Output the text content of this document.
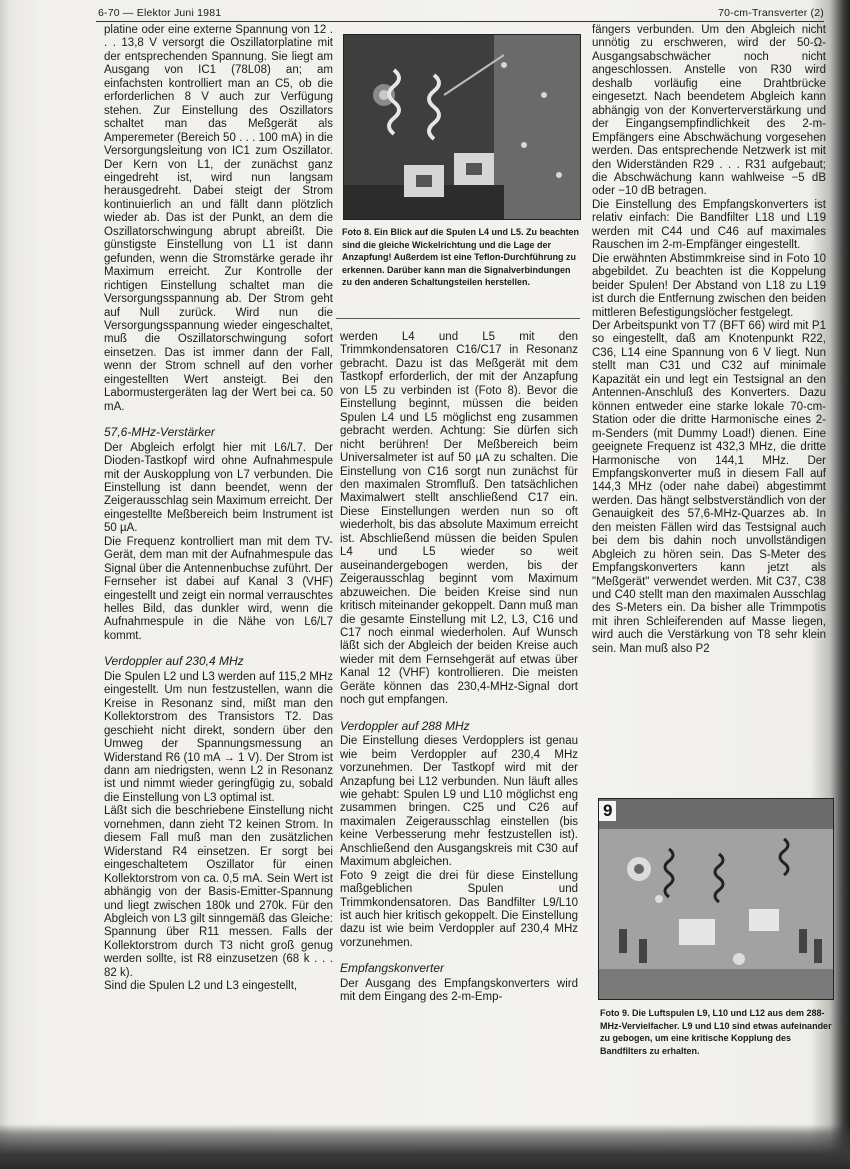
6-70 — Elektor Juni 1981	70-cm-Transverter (2)

platine oder eine externe Spannung von 12 . . . 13,8 V versorgt die Oszillatorplatine mit der entsprechenden Spannung. Sie liegt am Ausgang von IC1 (78L08) an; am einfachsten kontrolliert man an C5, ob die erforderlichen 8 V auch zur Verfügung stehen. Zur Einstellung des Oszillators schaltet man das Meßgerät als Amperemeter (Bereich 50 . . . 100 mA) in die Versorgungsleitung von IC1 zum Oszillator. Der Kern von L1, der zunächst ganz eingedreht ist, wird nun langsam herausgedreht. Dabei steigt der Strom kontinuierlich an und fällt dann plötzlich wieder ab. Das ist der Punkt, an dem die Oszillatorschwingung abrupt abreißt. Die günstigste Einstellung von L1 ist dann gefunden, wenn die Stromstärke gerade ihr Maximum erreicht. Zur Kontrolle der richtigen Einstellung schaltet man die Versorgungsspannung ab. Der Strom geht auf Null zurück. Wird nun die Versorgungsspannung wieder eingeschaltet, muß die Oszillatorschwingung sofort einsetzen. Das ist immer dann der Fall, wenn der Strom schnell auf den vorher eingestellten Wert ansteigt. Bei den Labormustergeräten lag der Wert bei ca. 50 mA.

57,6-MHz-Verstärker

Der Abgleich erfolgt hier mit L6/L7. Der Dioden-Tastkopf wird ohne Aufnahmespule mit der Auskopplung von L7 verbunden. Die Einstellung ist dann beendet, wenn der Zeigerausschlag sein Maximum erreicht. Der eingestellte Meßbereich beim Instrument ist 50 µA.

Die Frequenz kontrolliert man mit dem TV-Gerät, dem man mit der Aufnahmespule das Signal über die Antennenbuchse zuführt. Der Fernseher ist dabei auf Kanal 3 (VHF) eingestellt und zeigt ein normal verrauschtes helles Bild, das dunkler wird, wenn die Aufnahmespule in die Nähe von L6/L7 kommt.

Verdoppler auf 230,4 MHz

Die Spulen L2 und L3 werden auf 115,2 MHz eingestellt. Um nun festzustellen, wann die Kreise in Resonanz sind, mißt man den Kollektorstrom des Transistors T2. Das geschieht nicht direkt, sondern über den Umweg der Spannungsmessung an Widerstand R6 (10 mA → 1 V). Der Strom ist dann am niedrigsten, wenn L2 in Resonanz ist und nimmt wieder geringfügig zu, sobald die Einstellung von L3 optimal ist.

Läßt sich die beschriebene Einstellung nicht vornehmen, dann zieht T2 keinen Strom. In diesem Fall muß man den zusätzlichen Widerstand R4 einsetzen. Er sorgt bei eingeschaltetem Oszillator für einen Kollektorstrom von ca. 0,5 mA. Sein Wert ist abhängig von der Basis-Emitter-Spannung und liegt zwischen 180k und 270k. Für den Abgleich von L3 gilt sinngemäß das Gleiche: Spannung über R11 messen. Falls der Kollektorstrom durch T3 nicht groß genug werden sollte, ist R8 einzusetzen (68 k . . . 82 k).

Sind die Spulen L2 und L3 eingestellt,

Foto 8. Ein Blick auf die Spulen L4 und L5. Zu beachten sind die gleiche Wickelrichtung und die Lage der Anzapfung! Außerdem ist eine Teflon-Durchführung zu erkennen. Darüber kann man die Signalverbindungen zu den anderen Schaltungsteilen herstellen.

werden L4 und L5 mit den Trimmkondensatoren C16/C17 in Resonanz gebracht. Dazu ist das Meßgerät mit dem Tastkopf erforderlich, der mit der Anzapfung von L5 zu verbinden ist (Foto 8). Bevor die Einstellung beginnt, müssen die beiden Spulen L4 und L5 möglichst eng zusammen gebracht werden. Achtung: Sie dürfen sich nicht berühren! Der Meßbereich beim Universalmeter ist auf 50 µA zu schalten. Die Einstellung von C16 sorgt nun zunächst für den maximalen Stromfluß. Den tatsächlichen Maximalwert stellt anschließend C17 ein. Diese Einstellungen werden nun so oft wiederholt, bis das absolute Maximum erreicht ist. Abschließend müssen die beiden Spulen L4 und L5 wieder so weit auseinandergebogen werden, bis der Zeigerausschlag beginnt vom Maximum abzuweichen. Die beiden Kreise sind nun kritisch miteinander gekoppelt. Dann muß man die gesamte Einstellung mit L2, L3, C16 und C17 noch einmal wiederholen. Auf Wunsch läßt sich der Abgleich der beiden Kreise auch wieder mit dem Fernsehgerät auf etwas über Kanal 12 (VHF) kontrollieren. Die meisten Geräte können das 230,4-MHz-Signal dort noch gut empfangen.

Verdoppler auf 288 MHz

Die Einstellung dieses Verdopplers ist genau wie beim Verdoppler auf 230,4 MHz vorzunehmen. Der Tastkopf wird mit der Anzapfung bei L12 verbunden. Nun läuft alles wie gehabt: Spulen L9 und L10 möglichst eng zusammen bringen. C25 und C26 auf maximalen Zeigerausschlag einstellen (bis keine Verbesserung mehr festzustellen ist). Anschließend den Ausgangskreis mit C30 auf Maximum abgleichen.

Foto 9 zeigt die drei für diese Einstellung maßgeblichen Spulen und Trimmkondensatoren. Das Bandfilter L9/L10 ist auch hier kritisch gekoppelt. Die Einstellung dazu ist wie beim Verdoppler auf 230,4 MHz vorzunehmen.

Empfangskonverter

Der Ausgang des Empfangskonverters wird mit dem Eingang des 2-m-Emp-

fängers verbunden. Um den Abgleich nicht unnötig zu erschweren, wird der 50-Ω-Ausgangsabschwächer noch nicht angeschlossen. Anstelle von R30 wird deshalb vorläufig eine Drahtbrücke eingesetzt. Nach beendetem Abgleich kann abhängig von der Konverterverstärkung und der Eingangsempfindlichkeit des 2-m-Empfängers eine Abschwächung vorgesehen werden. Das entsprechende Netzwerk ist mit den Widerständen R29 . . . R31 aufgebaut; die Abschwächung kann wahlweise −5 dB oder −10 dB betragen.

Die Einstellung des Empfangskonverters ist relativ einfach: Die Bandfilter L18 und L19 werden mit C44 und C46 auf maximales Rauschen im 2-m-Empfänger eingestellt.

Die erwähnten Abstimmkreise sind in Foto 10 abgebildet. Zu beachten ist die Koppelung beider Spulen! Der Abstand von L18 zu L19 ist durch die Entfernung zwischen den beiden mittleren Befestigungslöcher festgelegt.

Der Arbeitspunkt von T7 (BFT 66) wird mit P1 so eingestellt, daß am Knotenpunkt R22, C36, L14 eine Spannung von 6 V liegt. Nun stellt man C31 und C32 auf minimale Kapazität ein und legt ein Testsignal an den Antennen-Anschluß des Konverters. Dazu können entweder eine starke lokale 70-cm-Station oder die dritte Harmonische eines 2-m-Senders (mit Dummy Load!) dienen. Eine geeignete Frequenz ist 432,3 MHz, die dritte Harmonische von 144,1 MHz. Der Empfangskonverter muß in diesem Fall auf 144,3 MHz (oder nahe dabei) abgestimmt werden. Das hängt selbstverständlich von der Genauigkeit des 57,6-MHz-Quarzes ab. In den meisten Fällen wird das Testsignal auch bei dem bis dahin noch unvollständigen Abgleich zu hören sein. Das S-Meter des Empfangskonverters kann jetzt als "Meßgerät" verwendet werden. Mit C37, C38 und C40 stellt man den maximalen Ausschlag des S-Meters ein. Da bisher alle Trimmpotis mit ihren Schleiferenden auf Masse liegen, wird auch die Verstärkung von T8 sehr klein sein. Man muß also P2

9
Foto 9. Die Luftspulen L9, L10 und L12 aus dem 288-MHz-Vervielfacher. L9 und L10 sind etwas aufeinander zu gebogen, um eine kritische Kopplung des Bandfilters zu erhalten.
